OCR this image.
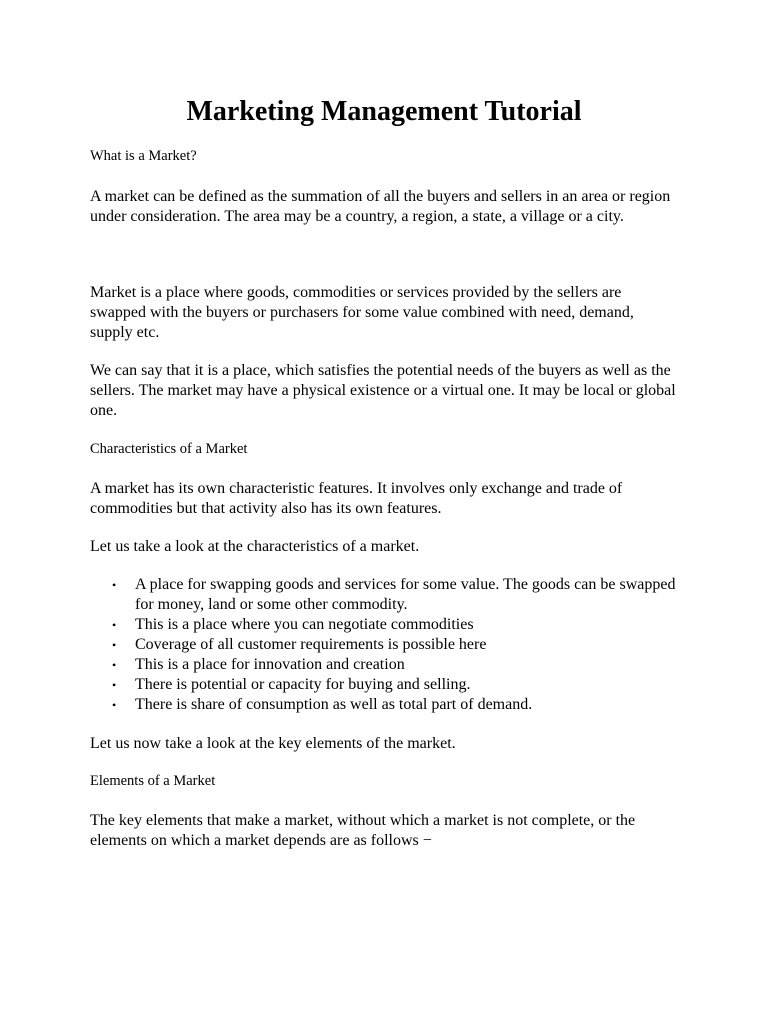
Marketing Management Tutorial

What is a Market?

A market can be defined as the summation of all the buyers and sellers in an area or region under consideration. The area may be a country, a region, a state, a village or a city.

Market is a place where goods, commodities or services provided by the sellers are swapped with the buyers or purchasers for some value combined with need, demand, supply etc.

We can say that it is a place, which satisfies the potential needs of the buyers as well as the sellers. The market may have a physical existence or a virtual one. It may be local or global one.

Characteristics of a Market

A market has its own characteristic features. It involves only exchange and trade of commodities but that activity also has its own features.

Let us take a look at the characteristics of a market.

• A place for swapping goods and services for some value. The goods can be swapped for money, land or some other commodity.
• This is a place where you can negotiate commodities
• Coverage of all customer requirements is possible here
• This is a place for innovation and creation
• There is potential or capacity for buying and selling.
• There is share of consumption as well as total part of demand.

Let us now take a look at the key elements of the market.

Elements of a Market

The key elements that make a market, without which a market is not complete, or the elements on which a market depends are as follows −
